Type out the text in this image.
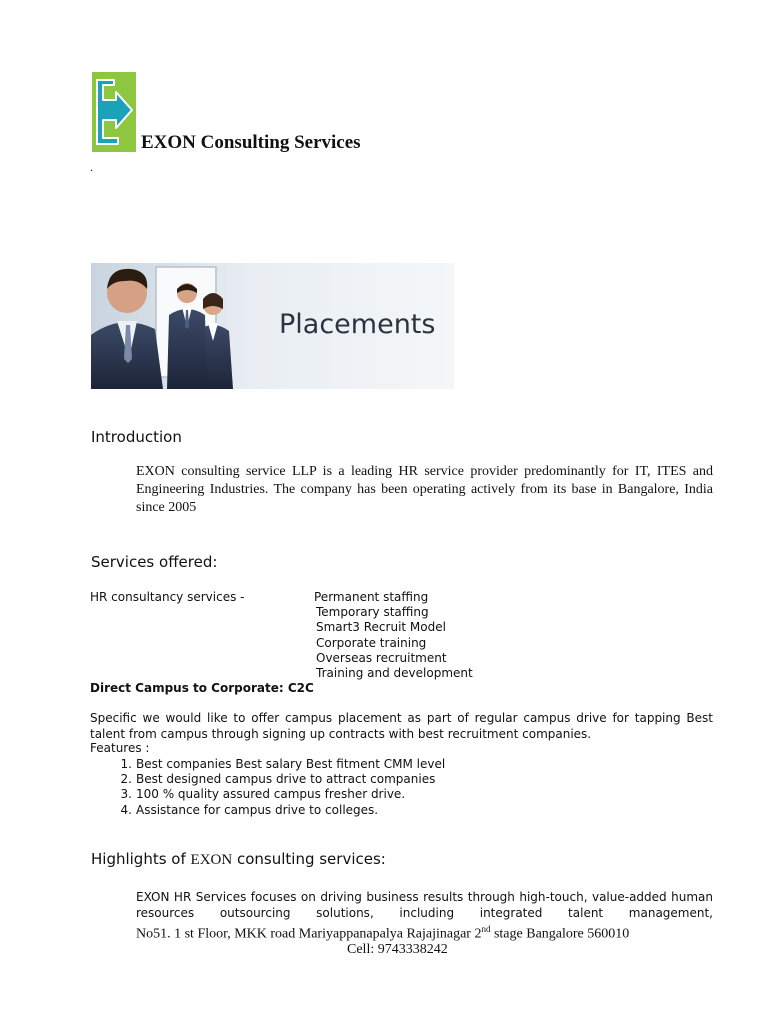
EXON Consulting Services
.
Placements
Introduction
EXON consulting service LLP is a leading HR service provider predominantly for IT, ITES and Engineering Industries. The company has been operating actively from its base in Bangalore, India since 2005
Services offered:
HR consultancy services -	Permanent staffing
Temporary staffing
Smart3 Recruit Model
Corporate training
Overseas recruitment
Training and development
Direct Campus to Corporate: C2C
Specific we would like to offer campus placement as part of regular campus drive for tapping Best talent from campus through signing up contracts with best recruitment companies.
Features :
1. Best companies Best salary Best fitment CMM level
2. Best designed campus drive to attract companies
3. 100 % quality assured campus fresher drive.
4. Assistance for campus drive to colleges.
Highlights of EXON consulting services:
EXON HR Services focuses on driving business results through high-touch, value-added human resources outsourcing solutions, including integrated talent management,
No51. 1 st Floor, MKK road Mariyappanapalya Rajajinagar 2nd stage Bangalore 560010
Cell: 9743338242
